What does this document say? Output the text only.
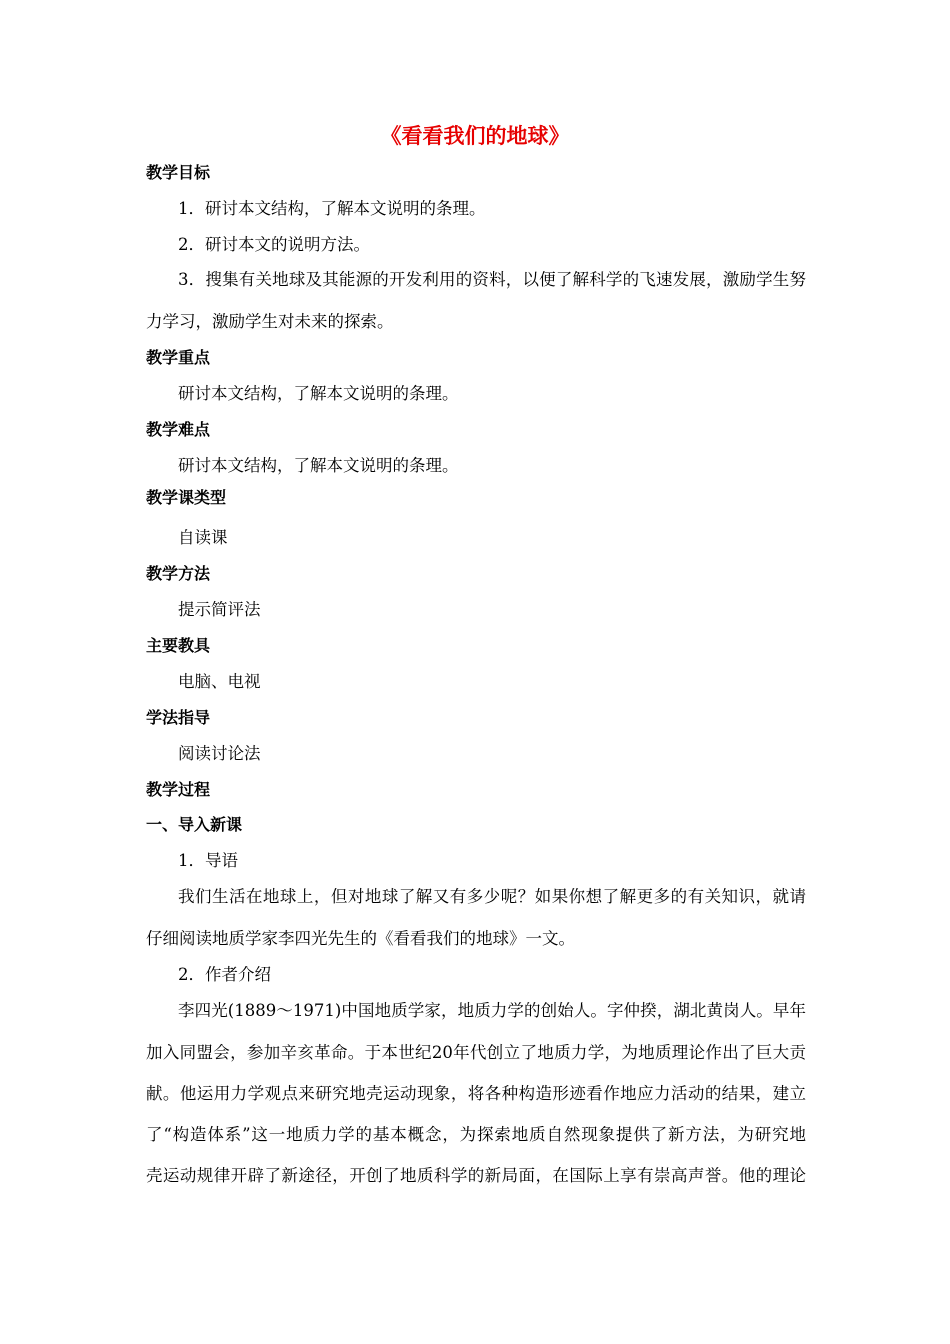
《看看我们的地球》
教学目标
1．研讨本文结构，了解本文说明的条理。
2．研讨本文的说明方法。
3．搜集有关地球及其能源的开发利用的资料，以便了解科学的飞速发展，激励学生努
力学习，激励学生对未来的探索。
教学重点
研讨本文结构，了解本文说明的条理。
教学难点
研讨本文结构，了解本文说明的条理。
教学课类型
自读课
教学方法
提示简评法
主要教具
电脑、电视
学法指导
阅读讨论法
教学过程
一、导入新课
1．导语
我们生活在地球上，但对地球了解又有多少呢？如果你想了解更多的有关知识，就请
仔细阅读地质学家李四光先生的《看看我们的地球》一文。
2．作者介绍
李四光(1889～1971)中国地质学家，地质力学的创始人。字仲揆，湖北黄岗人。早年
加入同盟会，参加辛亥革命。于本世纪20年代创立了地质力学，为地质理论作出了巨大贡
献。他运用力学观点来研究地壳运动现象，将各种构造形迹看作地应力活动的结果，建立
了“构造体系”这一地质力学的基本概念，为探索地质自然现象提供了新方法，为研究地
壳运动规律开辟了新途径，开创了地质科学的新局面，在国际上享有崇高声誉。他的理论
